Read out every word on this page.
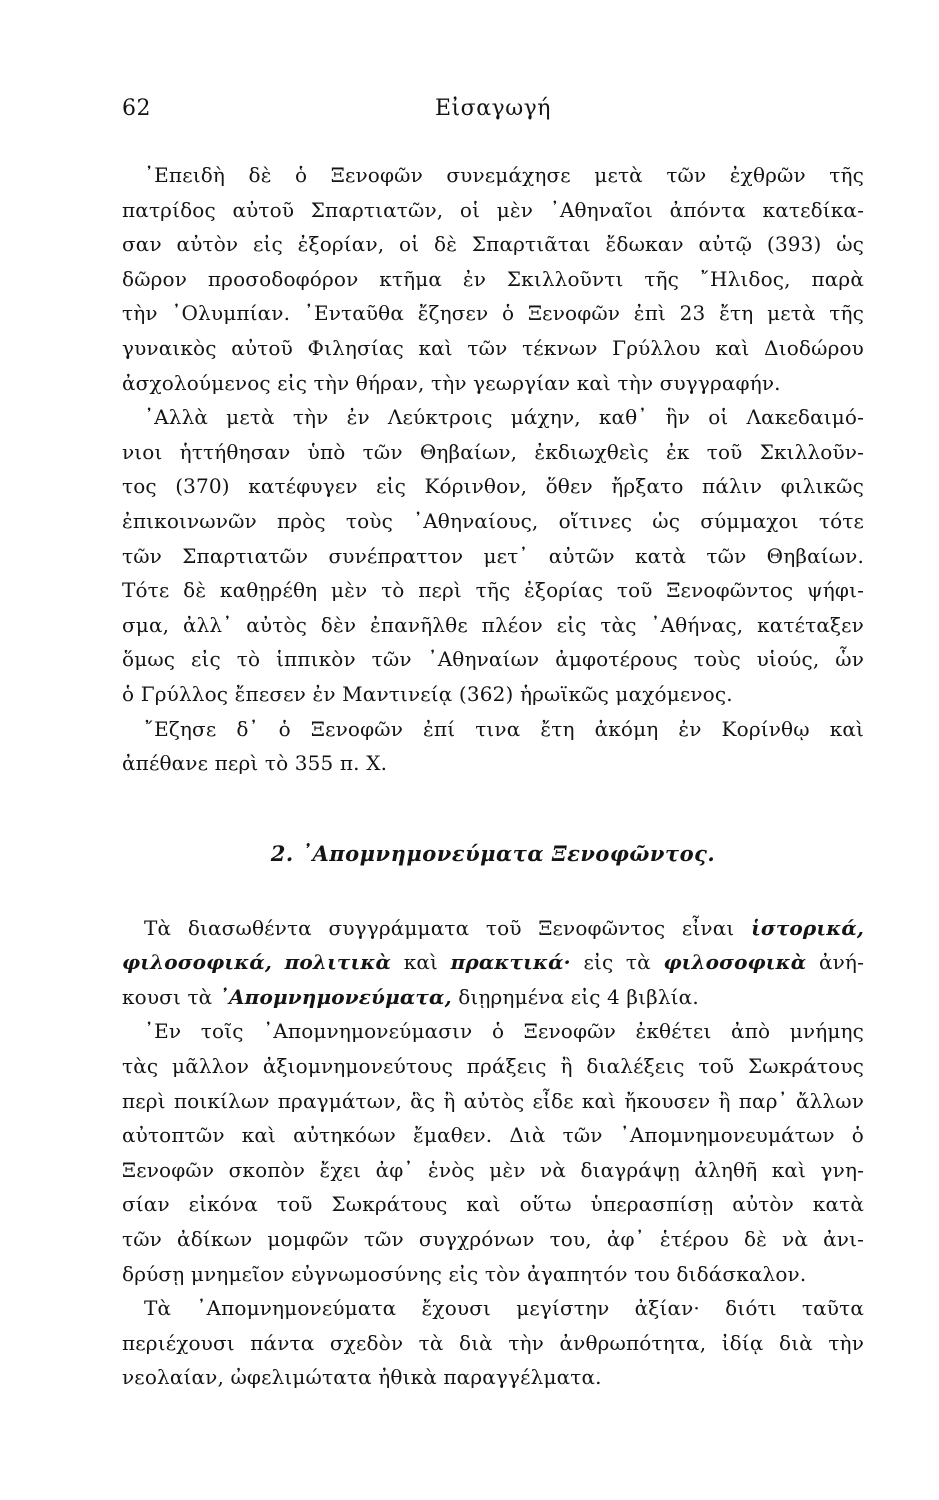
62	Εἰσαγωγή
᾿Επειδὴ δὲ ὁ Ξενοφῶν συνεμάχησε μετὰ τῶν ἐχθρῶν τῆς
πατρίδος αὐτοῦ Σπαρτιατῶν, οἱ μὲν ᾿Αθηναῖοι ἀπόντα κατεδίκα-
σαν αὐτὸν εἰς ἐξορίαν, οἱ δὲ Σπαρτιᾶται ἔδωκαν αὐτῷ (393) ὡς
δῶρον προσοδοφόρον κτῆμα ἐν Σκιλλοῦντι τῆς ῎Ηλιδος, παρὰ
τὴν ᾿Ολυμπίαν. ᾿Ενταῦθα ἔζησεν ὁ Ξενοφῶν ἐπὶ 23 ἔτη μετὰ τῆς
γυναικὸς αὐτοῦ Φιλησίας καὶ τῶν τέκνων Γρύλλου καὶ Διοδώρου
ἀσχολούμενος εἰς τὴν θήραν, τὴν γεωργίαν καὶ τὴν συγγραφήν.
᾿Αλλὰ μετὰ τὴν ἐν Λεύκτροις μάχην, καθ᾿ ἣν οἱ Λακεδαιμό-
νιοι ἡττήθησαν ὑπὸ τῶν Θηβαίων, ἐκδιωχθεὶς ἐκ τοῦ Σκιλλοῦν-
τος (370) κατέφυγεν εἰς Κόρινθον, ὅθεν ἤρξατο πάλιν φιλικῶς
ἐπικοινωνῶν πρὸς τοὺς ᾿Αθηναίους, οἵτινες ὡς σύμμαχοι τότε
τῶν Σπαρτιατῶν συνέπραττον μετ᾿ αὐτῶν κατὰ τῶν Θηβαίων.
Τότε δὲ καθῃρέθη μὲν τὸ περὶ τῆς ἐξορίας τοῦ Ξενοφῶντος ψήφι-
σμα, ἀλλ᾿ αὐτὸς δὲν ἐπανῆλθε πλέον εἰς τὰς ᾿Αθήνας, κατέταξεν
ὅμως εἰς τὸ ἱππικὸν τῶν ᾿Αθηναίων ἀμφοτέρους τοὺς υἱούς, ὧν
ὁ Γρύλλος ἔπεσεν ἐν Μαντινείᾳ (362) ἡρωϊκῶς μαχόμενος.
῎Εζησε δ᾿ ὁ Ξενοφῶν ἐπί τινα ἔτη ἀκόμη ἐν Κορίνθῳ καὶ
ἀπέθανε περὶ τὸ 355 π. Χ.
2. ᾿Απομνημονεύματα Ξενοφῶντος.
Τὰ διασωθέντα συγγράμματα τοῦ Ξενοφῶντος εἶναι ἱστορικά,
φιλοσοφικά, πολιτικὰ καὶ πρακτικά· εἰς τὰ φιλοσοφικὰ ἀνή-
κουσι τὰ ᾿Απομνημονεύματα, διῃρημένα εἰς 4 βιβλία.
᾿Εν τοῖς ᾿Απομνημονεύμασιν ὁ Ξενοφῶν ἐκθέτει ἀπὸ μνήμης
τὰς μᾶλλον ἀξιομνημονεύτους πράξεις ἢ διαλέξεις τοῦ Σωκράτους
περὶ ποικίλων πραγμάτων, ἃς ἢ αὐτὸς εἶδε καὶ ἤκουσεν ἢ παρ᾿ ἄλλων
αὐτοπτῶν καὶ αὐτηκόων ἔμαθεν. Διὰ τῶν ᾿Απομνημονευμάτων ὁ
Ξενοφῶν σκοπὸν ἔχει ἀφ᾿ ἑνὸς μὲν νὰ διαγράψῃ ἀληθῆ καὶ γνη-
σίαν εἰκόνα τοῦ Σωκράτους καὶ οὕτω ὑπερασπίσῃ αὐτὸν κατὰ
τῶν ἀδίκων μομφῶν τῶν συγχρόνων του, ἀφ᾿ ἑτέρου δὲ νὰ ἀνι-
δρύσῃ μνημεῖον εὐγνωμοσύνης εἰς τὸν ἀγαπητόν του διδάσκαλον.
Τὰ ᾿Απομνημονεύματα ἔχουσι μεγίστην ἀξίαν· διότι ταῦτα
περιέχουσι πάντα σχεδὸν τὰ διὰ τὴν ἀνθρωπότητα, ἰδίᾳ διὰ τὴν
νεολαίαν, ὠφελιμώτατα ἠθικὰ παραγγέλματα.
